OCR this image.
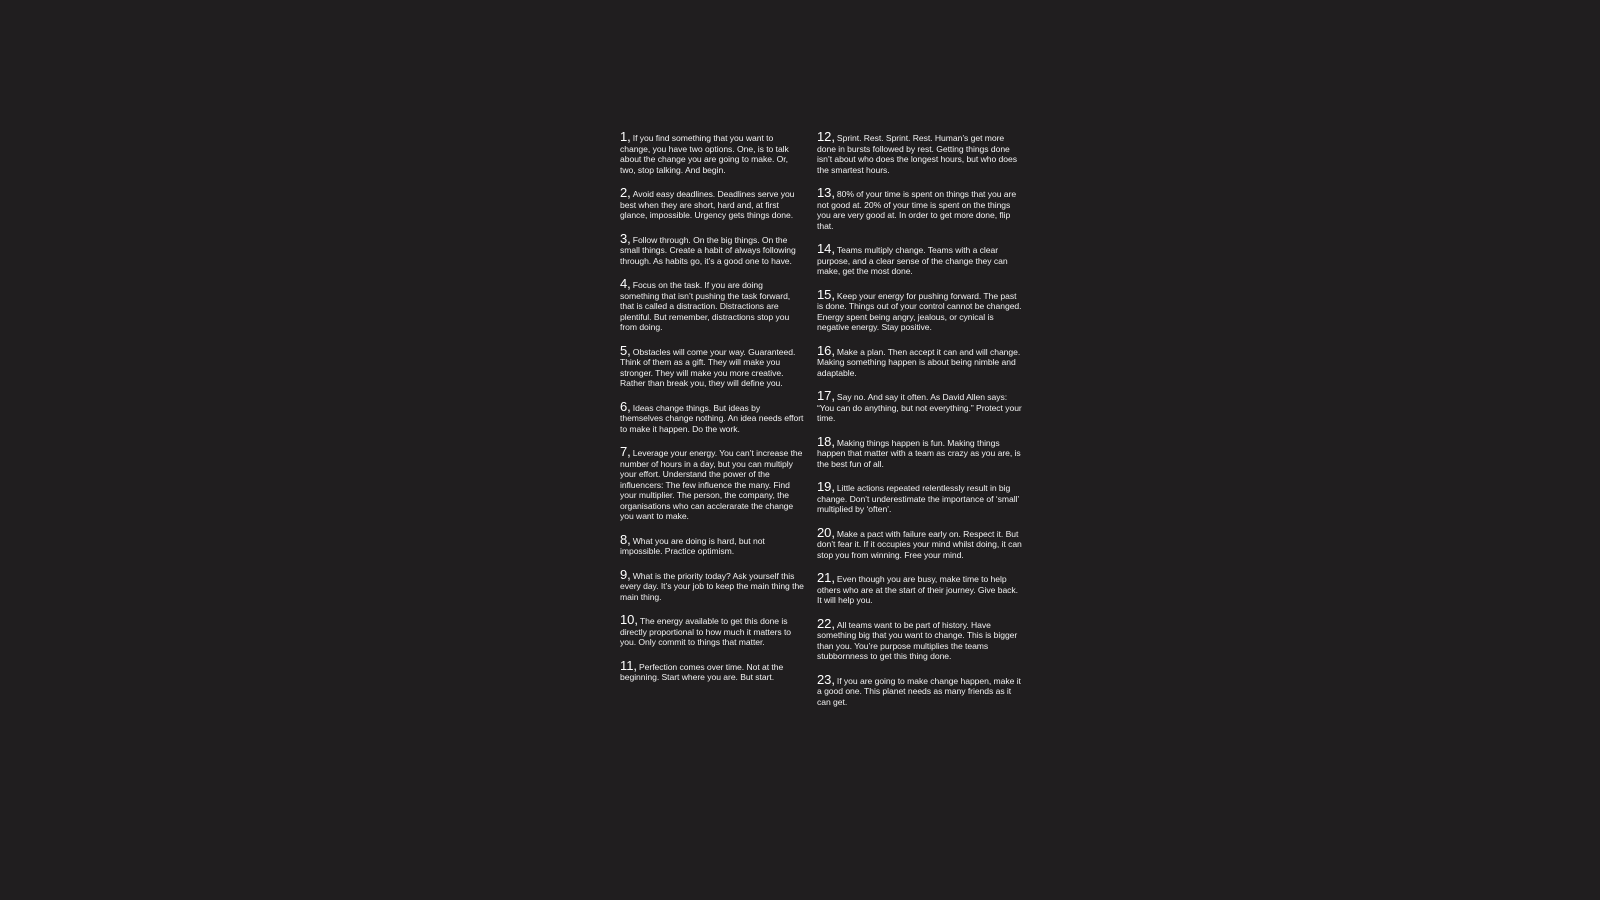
1, If you find something that you want to change, you have two options. One, is to talk about the change you are going to make. Or, two, stop talking. And begin.

2, Avoid easy deadlines. Deadlines serve you best when they are short, hard and, at first glance, impossible. Urgency gets things done.

3, Follow through. On the big things. On the small things. Create a habit of always following through. As habits go, it’s a good one to have.

4, Focus on the task. If you are doing something that isn’t pushing the task forward, that is called a distraction. Distractions are plentiful. But remember, distractions stop you from doing.

5, Obstacles will come your way. Guaranteed. Think of them as a gift. They will make you stronger. They will make you more creative. Rather than break you, they will define you.

6, Ideas change things. But ideas by themselves change nothing. An idea needs effort to make it happen. Do the work.

7, Leverage your energy. You can’t increase the number of hours in a day, but you can multiply your effort. Understand the power of the influencers: The few influence the many. Find your multiplier. The person, the company, the organisations who can acclerarate the change you want to make.

8, What you are doing is hard, but not impossible. Practice optimism.

9, What is the priority today? Ask yourself this every day. It’s your job to keep the main thing the main thing.

10, The energy available to get this done is directly proportional to how much it matters to you. Only commit to things that matter.

11, Perfection comes over time. Not at the beginning. Start where you are. But start.

12, Sprint. Rest. Sprint. Rest. Human’s get more done in bursts followed by rest. Getting things done isn’t about who does the longest hours, but who does the smartest hours.

13, 80% of your time is spent on things that you are not good at. 20% of your time is spent on the things you are very good at. In order to get more done, flip that.

14, Teams multiply change. Teams with a clear purpose, and a clear sense of the change they can make, get the most done.

15, Keep your energy for pushing forward. The past is done. Things out of your control cannot be changed. Energy spent being angry, jealous, or cynical is negative energy. Stay positive.

16, Make a plan. Then accept it can and will change. Making something happen is about being nimble and adaptable.

17, Say no. And say it often. As David Allen says: “You can do anything, but not everything.” Protect your time.

18, Making things happen is fun. Making things happen that matter with a team as crazy as you are, is the best fun of all.

19, Little actions repeated relentlessly result in big change. Don’t underestimate the importance of ‘small’ multiplied by ‘often’.

20, Make a pact with failure early on. Respect it. But don’t fear it. If it occupies your mind whilst doing, it can stop you from winning. Free your mind.

21, Even though you are busy, make time to help others who are at the start of their journey. Give back. It will help you.

22, All teams want to be part of history. Have something big that you want to change. This is bigger than you. You’re purpose multiplies the teams stubbornness to get this thing done.

23, If you are going to make change happen, make it a good one. This planet needs as many friends as it can get.
